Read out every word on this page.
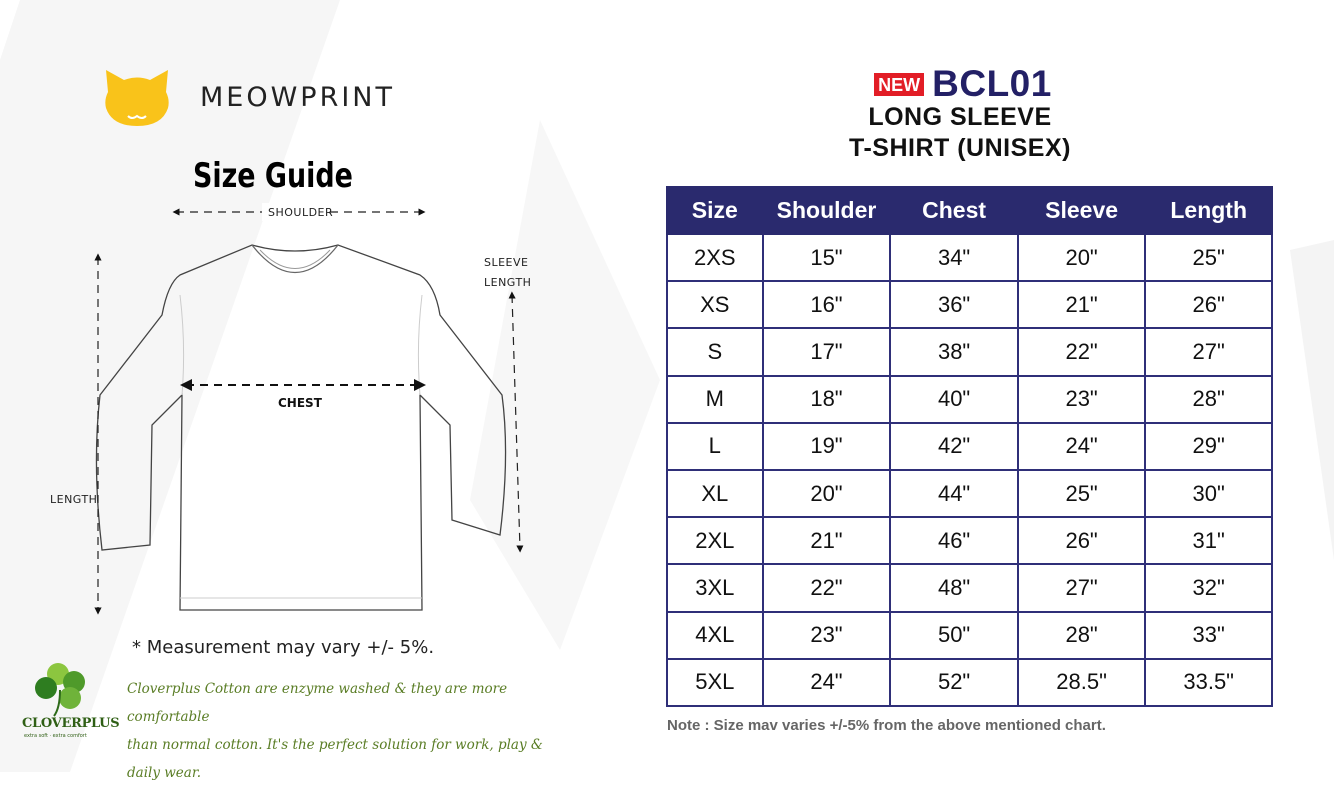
MEOWPRINT
Size Guide
SHOULDER
CHEST
LENGTH
SLEEVE
LENGTH
* Measurement may vary +/- 5%.
CLOVERPLUS
extra soft · extra comfort
Cloverplus Cotton are enzyme washed & they are more comfortable
than normal cotton. It's the perfect solution for work, play & daily wear.
NEW BCL01
LONG SLEEVE
T-SHIRT (UNISEX)
Size	Shoulder	Chest	Sleeve	Length
2XS	15"	34"	20"	25"
XS	16"	36"	21"	26"
S	17"	38"	22"	27"
M	18"	40"	23"	28"
L	19"	42"	24"	29"
XL	20"	44"	25"	30"
2XL	21"	46"	26"	31"
3XL	22"	48"	27"	32"
4XL	23"	50"	28"	33"
5XL	24"	52"	28.5"	33.5"
Note : Size mav varies +/-5% from the above mentioned chart.
